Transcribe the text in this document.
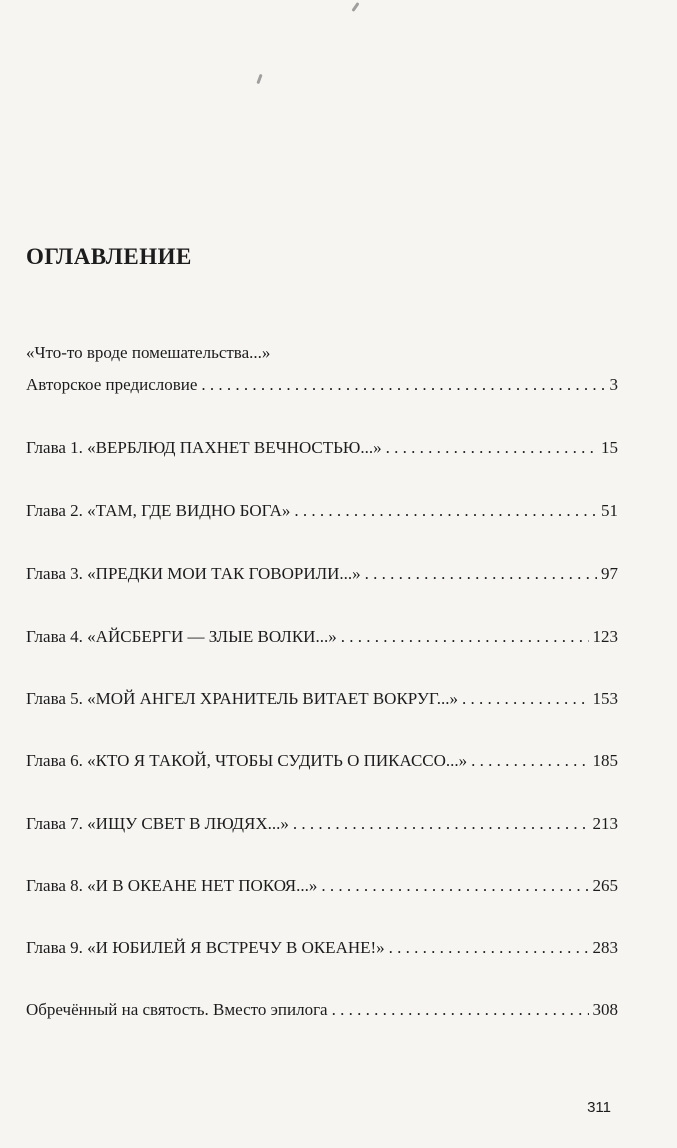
ОГЛАВЛЕНИЕ
«Что-то вроде помешательства...»
Авторское предисловие . . .	3
Глава 1. «ВЕРБЛЮД ПАХНЕТ ВЕЧНОСТЬЮ...» . . .	15
Глава 2. «ТАМ, ГДЕ ВИДНО БОГА» . . .	51
Глава 3. «ПРЕДКИ МОИ ТАК ГОВОРИЛИ...» . . .	97
Глава 4. «АЙСБЕРГИ — ЗЛЫЕ ВОЛКИ...» . . .	123
Глава 5. «МОЙ АНГЕЛ ХРАНИТЕЛЬ ВИТАЕТ ВОКРУГ...» . . .	153
Глава 6. «КТО Я ТАКОЙ, ЧТОБЫ СУДИТЬ О ПИКАССО...» . . .	185
Глава 7. «ИЩУ СВЕТ В ЛЮДЯХ...» . . .	213
Глава 8. «И В ОКЕАНЕ НЕТ ПОКОЯ...» . . .	265
Глава 9. «И ЮБИЛЕЙ Я ВСТРЕЧУ В ОКЕАНЕ!» . . .	283
Обречённый на святость. Вместо эпилога . . .	308
311
